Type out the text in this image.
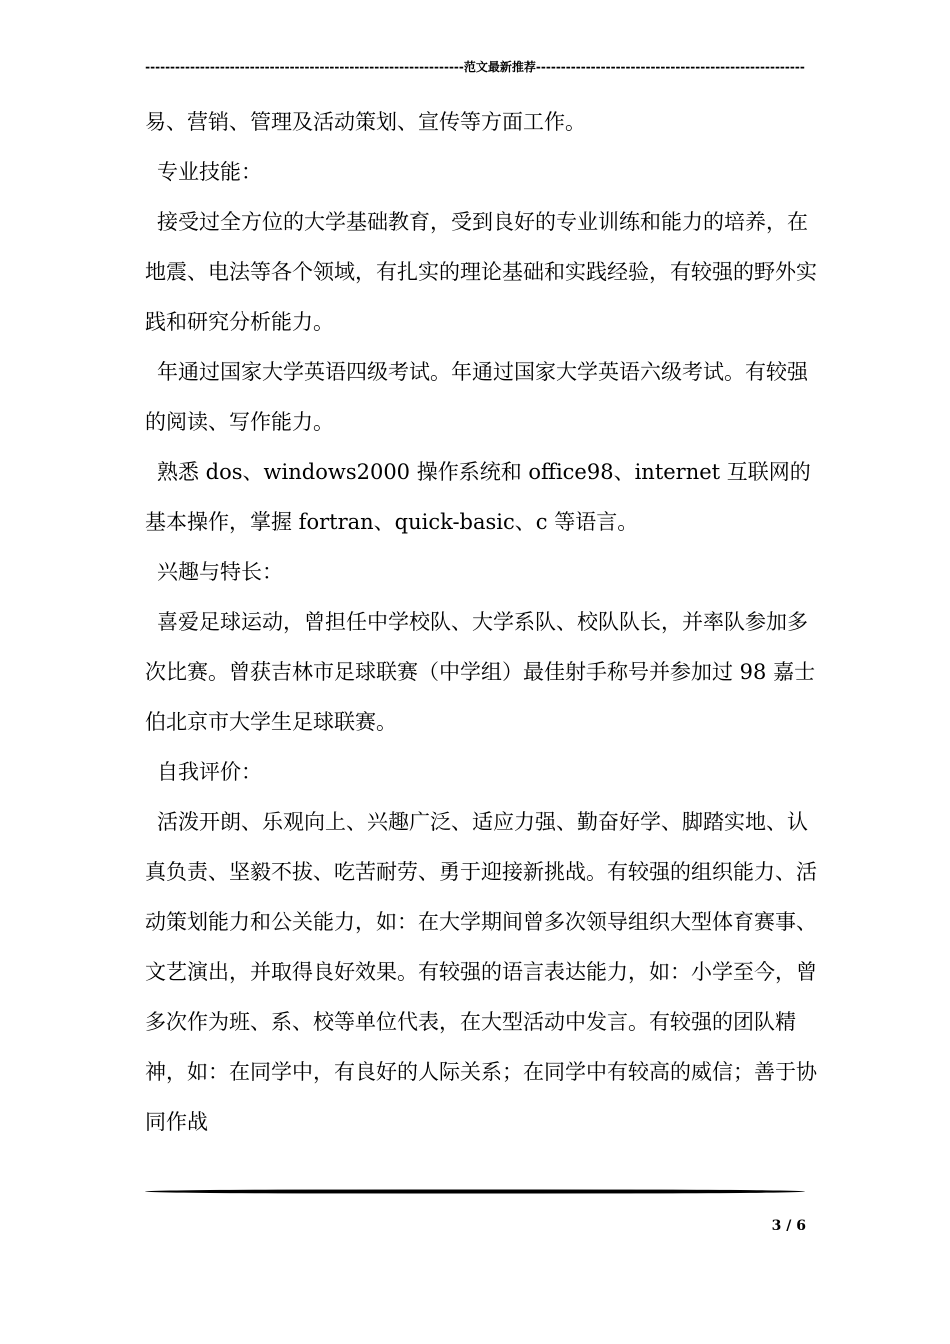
----------------------------------------------------------------范文最新推荐------------------------------------------------------

易、营销、管理及活动策划、宣传等方面工作。

专业技能：

接受过全方位的大学基础教育，受到良好的专业训练和能力的培养，在地震、电法等各个领域，有扎实的理论基础和实践经验，有较强的野外实践和研究分析能力。

年通过国家大学英语四级考试。年通过国家大学英语六级考试。有较强的阅读、写作能力。

熟悉 dos、windows2000 操作系统和 office98、internet 互联网的基本操作，掌握 fortran、quick-basic、c 等语言。

兴趣与特长：

喜爱足球运动，曾担任中学校队、大学系队、校队队长，并率队参加多次比赛。曾获吉林市足球联赛（中学组）最佳射手称号并参加过 98 嘉士伯北京市大学生足球联赛。

自我评价：

活泼开朗、乐观向上、兴趣广泛、适应力强、勤奋好学、脚踏实地、认真负责、坚毅不拔、吃苦耐劳、勇于迎接新挑战。有较强的组织能力、活动策划能力和公关能力，如：在大学期间曾多次领导组织大型体育赛事、文艺演出，并取得良好效果。有较强的语言表达能力，如：小学至今，曾多次作为班、系、校等单位代表，在大型活动中发言。有较强的团队精神，如：在同学中，有良好的人际关系；在同学中有较高的威信；善于协同作战

3 / 6
